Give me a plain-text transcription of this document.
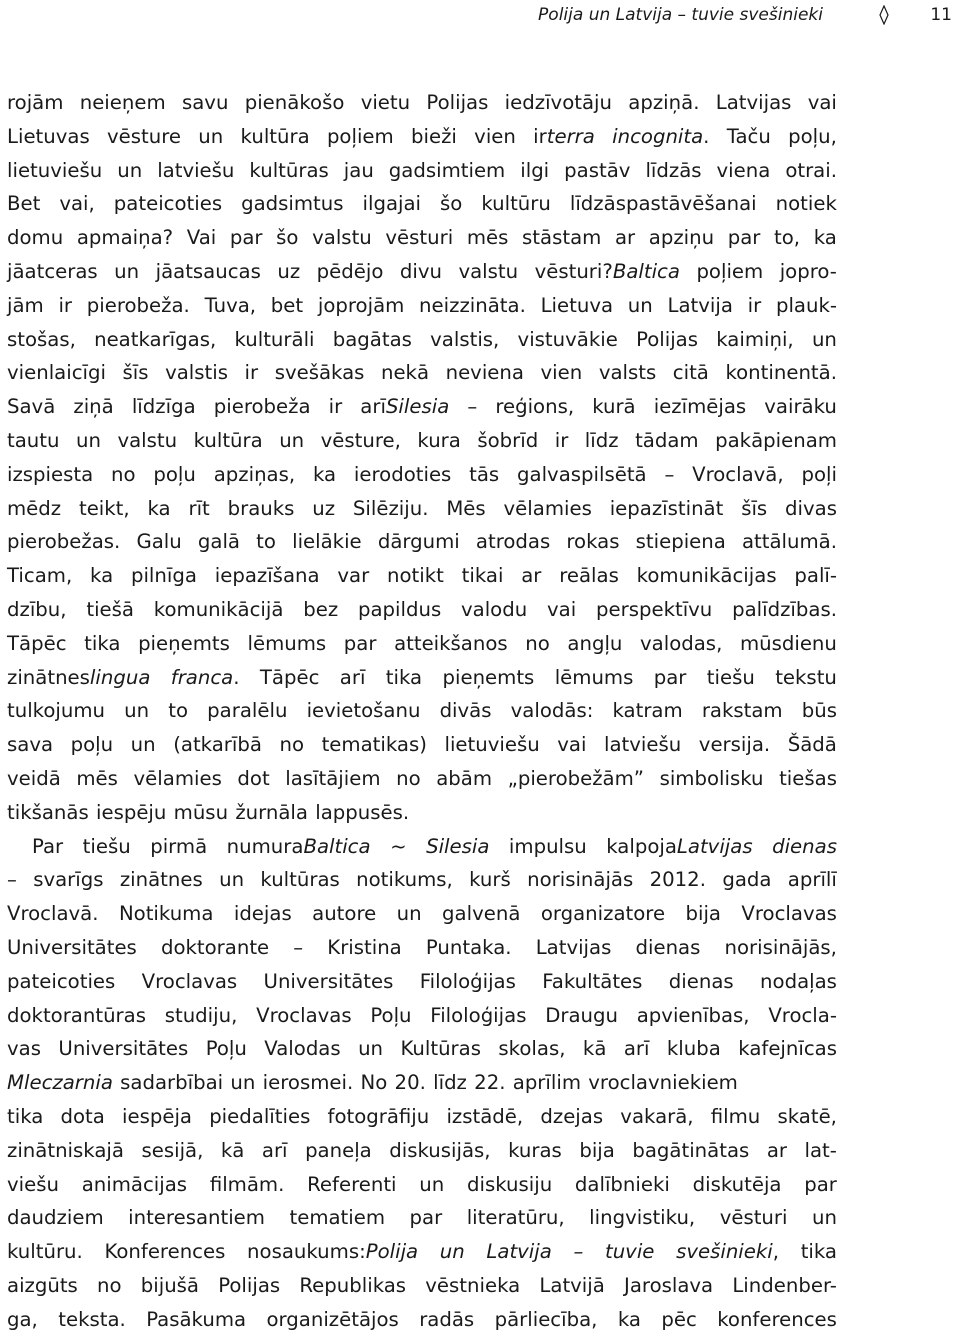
Polija un Latvija – tuvie svešinieki	11
rojām neieņem savu pienākošo vietu Polijas iedzīvotāju apziņā. Latvijas vai
Lietuvas vēsture un kultūra poļiem bieži vien irterra incognita. Taču poļu,
lietuviešu un latviešu kultūras jau gadsimtiem ilgi pastāv līdzās viena otrai.
Bet vai, pateicoties gadsimtus ilgajai šo kultūru līdzāspastāvēšanai notiek
domu apmaiņa? Vai par šo valstu vēsturi mēs stāstam ar apziņu par to, ka
jāatceras un jāatsaucas uz pēdējo divu valstu vēsturi?Baltica poļiem jopro-
jām ir pierobeža. Tuva, bet joprojām neizzināta. Lietuva un Latvija ir plauk-
stošas, neatkarīgas, kulturāli bagātas valstis, vistuvākie Polijas kaimiņi, un
vienlaicīgi šīs valstis ir svešākas nekā neviena vien valsts citā kontinentā.
Savā ziņā līdzīga pierobeža ir arīSilesia – reģions, kurā iezīmējas vairāku
tautu un valstu kultūra un vēsture, kura šobrīd ir līdz tādam pakāpienam
izspiesta no poļu apziņas, ka ierodoties tās galvaspilsētā – Vroclavā, poļi
mēdz teikt, ka rīt brauks uz Silēziju. Mēs vēlamies iepazīstināt šīs divas
pierobežas. Galu galā to lielākie dārgumi atrodas rokas stiepiena attālumā.
Ticam, ka pilnīga iepazīšana var notikt tikai ar reālas komunikācijas palī-
dzību, tiešā komunikācijā bez papildus valodu vai perspektīvu palīdzības.
Tāpēc tika pieņemts lēmums par atteikšanos no angļu valodas, mūsdienu
zinātneslingua franca. Tāpēc arī tika pieņemts lēmums par tiešu tekstu
tulkojumu un to paralēlu ievietošanu divās valodās: katram rakstam būs
sava poļu un (atkarībā no tematikas) lietuviešu vai latviešu versija. Šādā
veidā mēs vēlamies dot lasītājiem no abām „pierobežām” simbolisku tiešas
tikšanās
iespēju
mūsu
žurnāla
lappusēs.
Par tiešu pirmā numuraBaltica ~ Silesia impulsu kalpojaLatvijas dienas
– svarīgs zinātnes un kultūras notikums, kurš norisinājās 2012. gada aprīlī
Vroclavā. Notikuma idejas autore un galvenā organizatore bija Vroclavas
Universitātes doktorante – Kristina Puntaka. Latvijas dienas norisinājās,
pateicoties Vroclavas Universitātes Filoloģijas Fakultātes dienas nodaļas
doktorantūras studiju, Vroclavas Poļu Filoloģijas Draugu apvienības, Vrocla-
vas Universitātes Poļu Valodas un Kultūras skolas, kā arī kluba kafejnīcas
Mleczarnia
sadarbībai
un
ierosmei.
No
20.
līdz
22.
aprīlim
vroclavniekiem
tika dota iespēja piedalīties fotogrāfiju izstādē, dzejas vakarā, filmu skatē,
zinātniskajā sesijā, kā arī paneļa diskusijās, kuras bija bagātinātas ar lat-
viešu animācijas filmām. Referenti un diskusiju dalībnieki diskutēja par
daudziem interesantiem tematiem par literatūru, lingvistiku, vēsturi un
kultūru. Konferences nosaukums:Polija un Latvija – tuvie svešinieki, tika
aizgūts no bijušā Polijas Republikas vēstnieka Latvijā Jaroslava Lindenber-
ga, teksta. Pasākuma organizētājos radās pārliecība, ka pēc konferences
